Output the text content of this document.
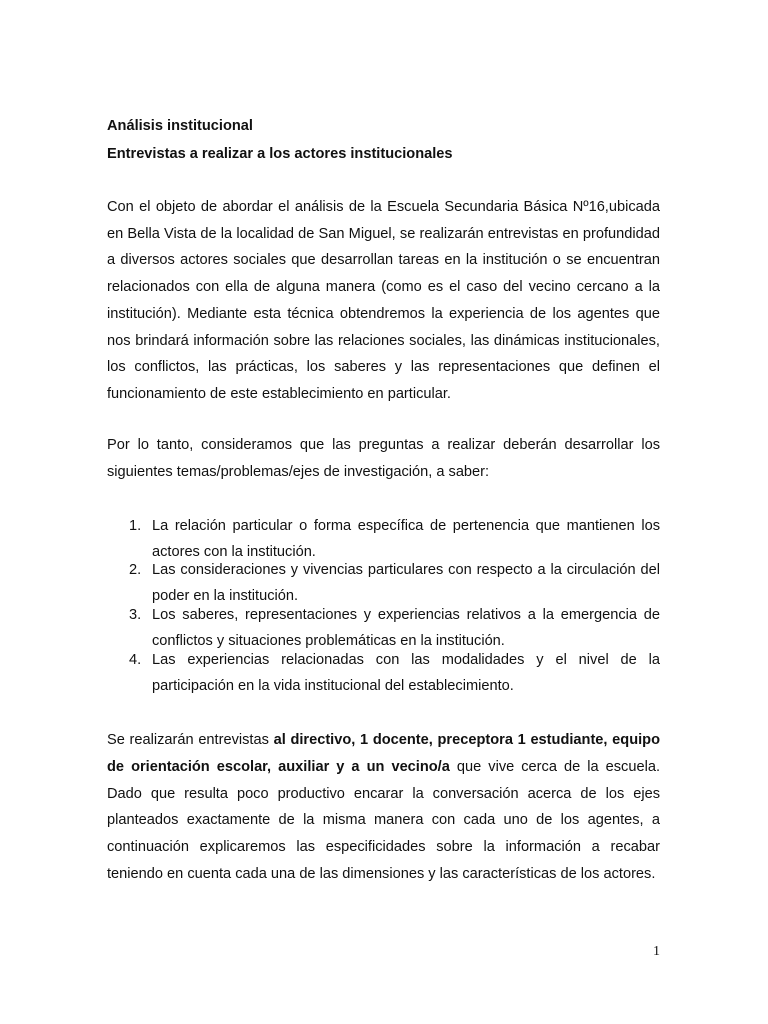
Análisis institucional
Entrevistas a realizar a los actores institucionales
Con el objeto de abordar el análisis de la Escuela Secundaria Básica Nº16,ubicada en Bella Vista de la localidad de San Miguel, se realizarán entrevistas en profundidad a diversos actores sociales que desarrollan tareas en la institución o se encuentran relacionados con ella de alguna manera (como es el caso del vecino cercano a la institución). Mediante esta técnica obtendremos la experiencia de los agentes que nos brindará información sobre las relaciones sociales, las dinámicas institucionales, los conflictos, las prácticas, los saberes y las representaciones que definen el funcionamiento de este establecimiento en particular.
Por lo tanto, consideramos que las preguntas a realizar deberán desarrollar los siguientes temas/problemas/ejes de investigación, a saber:
1. La relación particular o forma específica de pertenencia que mantienen los actores con la institución.
2. Las consideraciones y vivencias particulares con respecto a la circulación del poder en la institución.
3. Los saberes, representaciones y experiencias relativos a la emergencia de conflictos y situaciones problemáticas en la institución.
4. Las experiencias relacionadas con las modalidades y el nivel de la participación en la vida institucional del establecimiento.
Se realizarán entrevistas al directivo, 1 docente, preceptora 1 estudiante, equipo de orientación escolar, auxiliar y a un vecino/a que vive cerca de la escuela. Dado que resulta poco productivo encarar la conversación acerca de los ejes planteados exactamente de la misma manera con cada uno de los agentes, a continuación explicaremos las especificidades sobre la información a recabar teniendo en cuenta cada una de las dimensiones y las características de los actores.
1
